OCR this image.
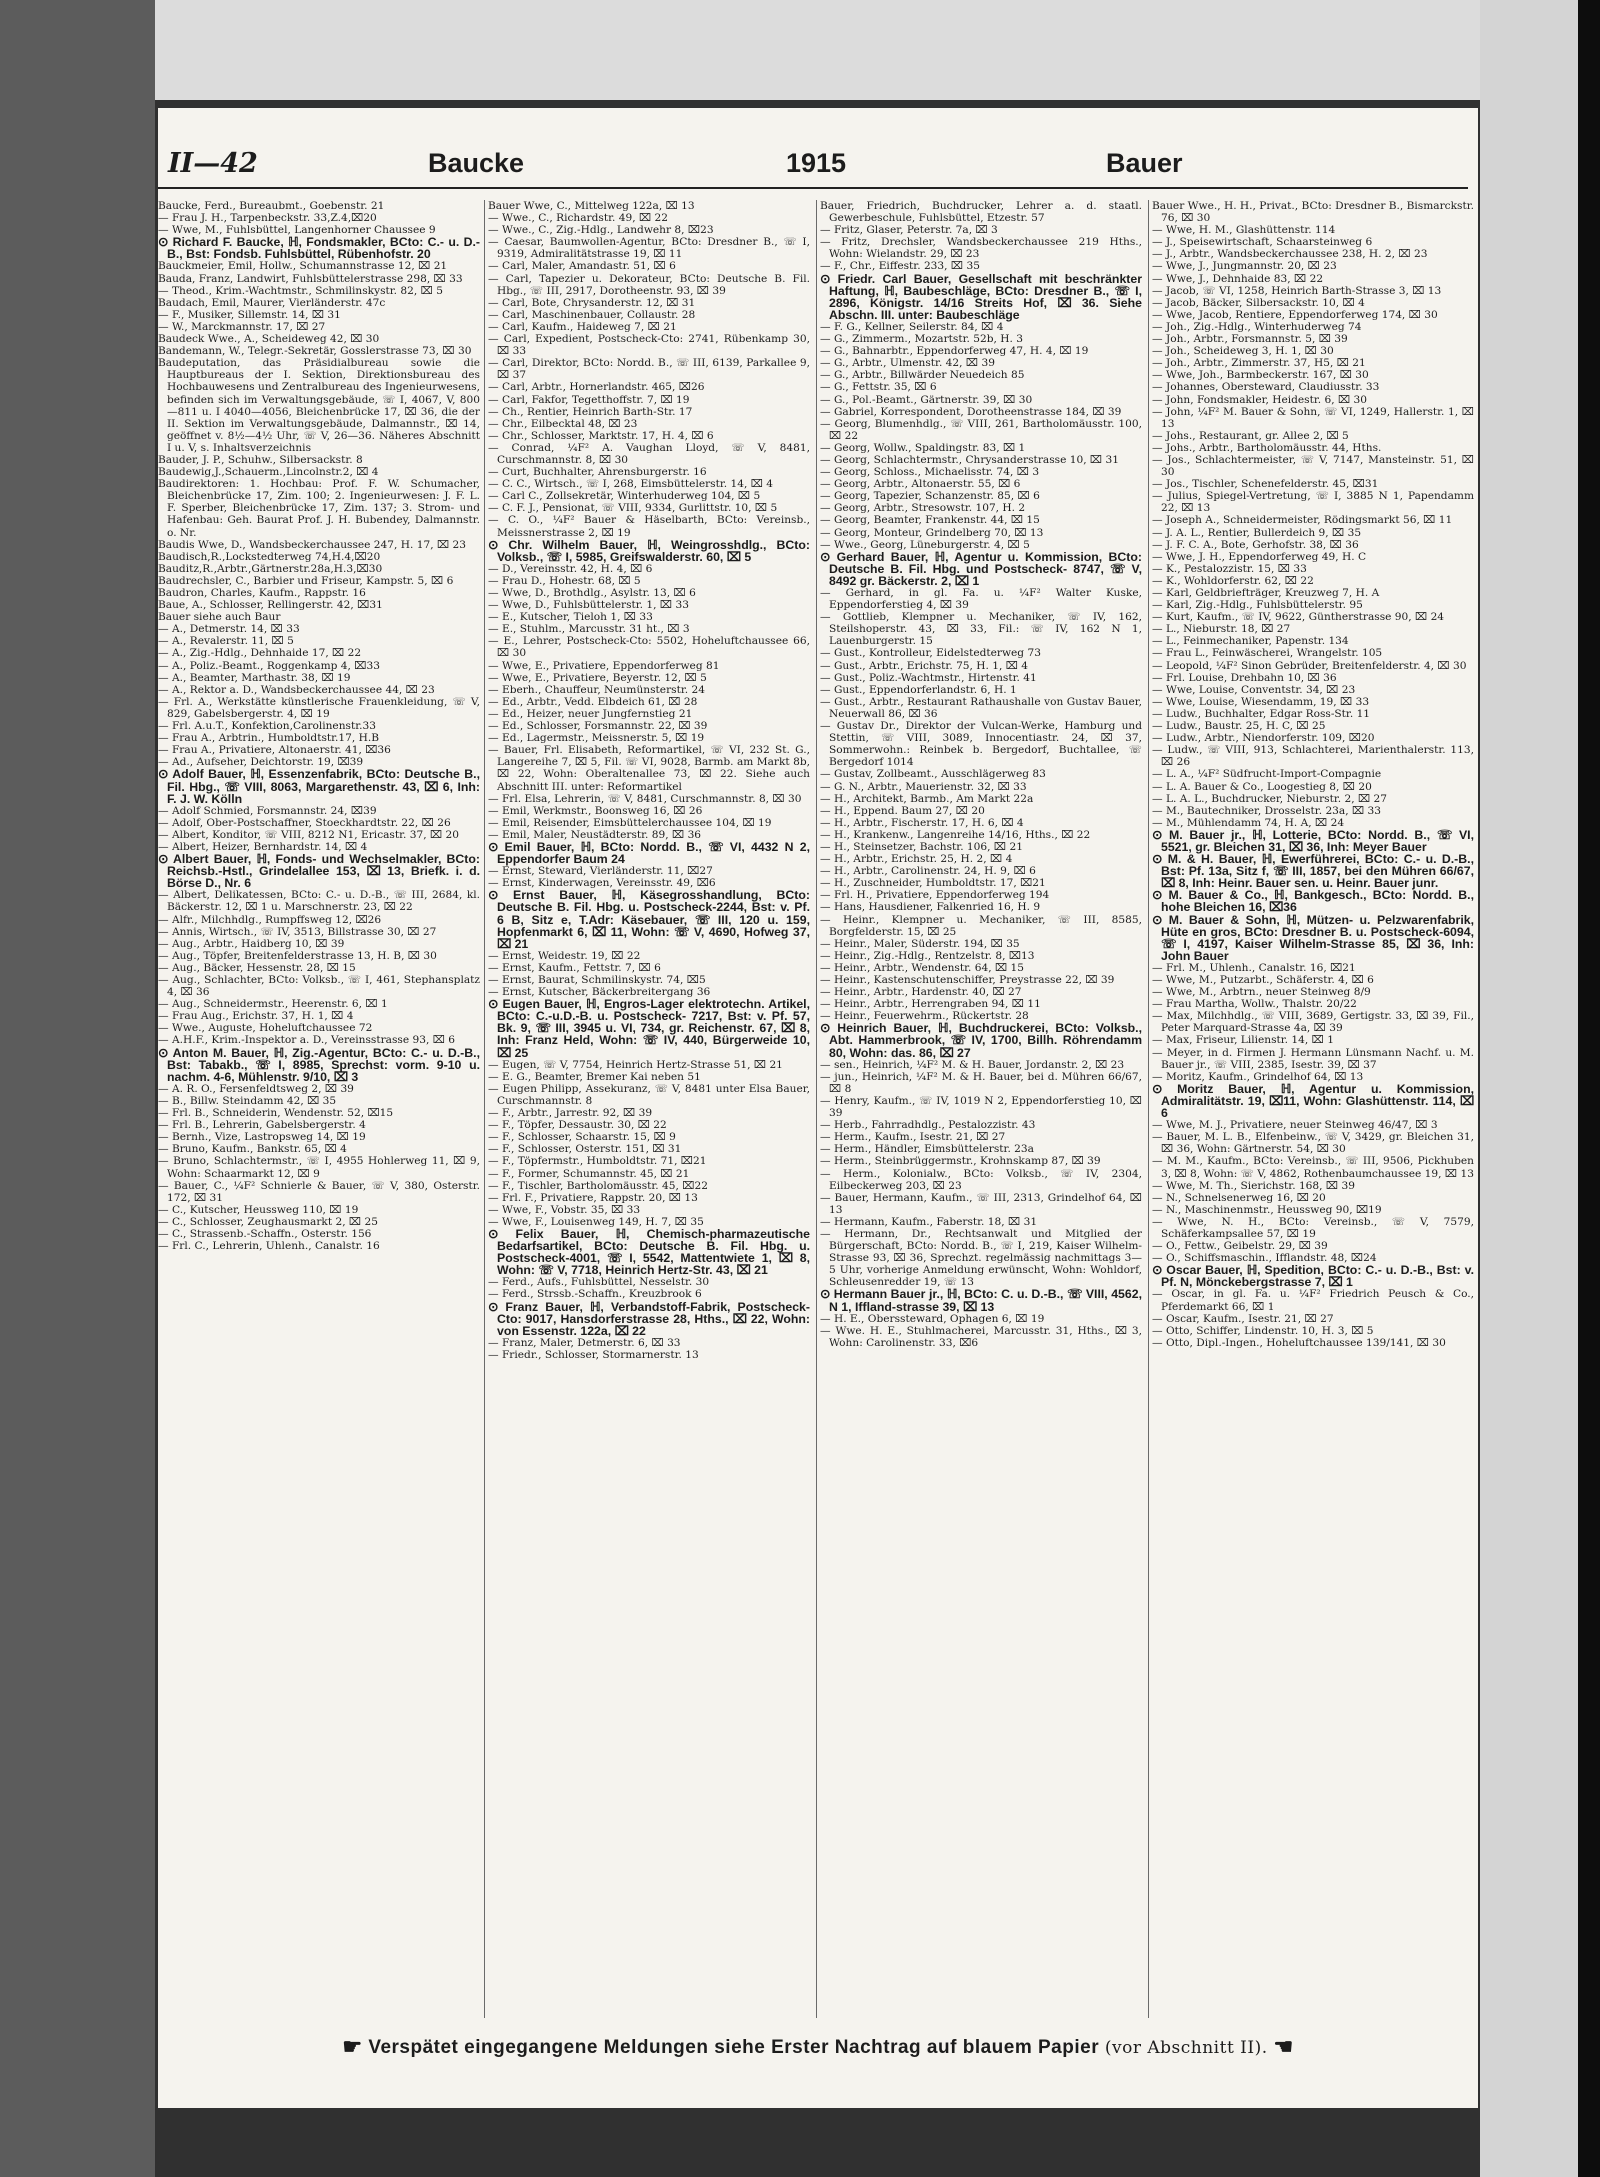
II—42	Baucke	1915	Bauer

Baucke, Ferd., Bureaubmt., Goebenstr. 21

— Frau J. H., Tarpenbeckstr. 33,Z.4,⌧20

— Wwe, M., Fuhlsbüttel, Langenhorner Chaussee 9

⊙ Richard F. Baucke, ℍ, Fondsmakler, BCto: C.- u. D.-B., Bst: Fondsb. Fuhlsbüttel, Rübenhofstr. 20

Bauckmeier, Emil, Hollw., Schumannstrasse 12, ⌧ 21

Bauda, Franz, Landwirt, Fuhlsbüttelerstrasse 298, ⌧ 33

— Theod., Krim.-Wachtmstr., Schmilinskystr. 82, ⌧ 5

Baudach, Emil, Maurer, Vierländerstr. 47c

— F., Musiker, Sillemstr. 14, ⌧ 31

— W., Marckmannstr. 17, ⌧ 27

Baudeck Wwe., A., Scheideweg 42, ⌧ 30

Bandemann, W., Telegr.-Sekretär, Gosslerstrasse 73, ⌧ 30

Baudeputation, das Präsidialbureau sowie die Hauptbureaus der I. Sektion, Direktionsbureau des Hochbauwesens und Zentralbureau des Ingenieurwesens, befinden sich im Verwaltungsgebäude, ☏ I, 4067, V, 800—811 u. I 4040—4056, Bleichenbrücke 17, ⌧ 36, die der II. Sektion im Verwaltungsgebäude, Dalmannstr., ⌧ 14, geöffnet v. 8½—4½ Uhr, ☏ V, 26—36. Näheres Abschnitt I u. V, s. Inhaltsverzeichnis

Bauder, J. P., Schuhw., Silbersackstr. 8

Baudewig,J.,Schauerm.,Lincolnstr.2, ⌧ 4

Baudirektoren: 1. Hochbau: Prof. F. W. Schumacher, Bleichenbrücke 17, Zim. 100; 2. Ingenieurwesen: J. F. L. F. Sperber, Bleichenbrücke 17, Zim. 137; 3. Strom- und Hafenbau: Geh. Baurat Prof. J. H. Bubendey, Dalmannstr. o. Nr.

Baudis Wwe, D., Wandsbeckerchaussee 247, H. 17, ⌧ 23

Baudisch,R.,Lockstedterweg 74,H.4,⌧20

Bauditz,R.,Arbtr.,Gärtnerstr.28a,H.3,⌧30

Baudrechsler, C., Barbier und Friseur, Kampstr. 5, ⌧ 6

Baudron, Charles, Kaufm., Rappstr. 16

Baue, A., Schlosser, Rellingerstr. 42, ⌧31

Bauer siehe auch Baur

— A., Detmerstr. 14, ⌧ 33

— A., Revalerstr. 11, ⌧ 5

— A., Zig.-Hdlg., Dehnhaide 17, ⌧ 22

— A., Poliz.-Beamt., Roggenkamp 4, ⌧33

— A., Beamter, Marthastr. 38, ⌧ 19

— A., Rektor a. D., Wandsbeckerchaussee 44, ⌧ 23

— Frl. A., Werkstätte künstlerische Frauenkleidung, ☏ V, 829, Gabelsbergerstr. 4, ⌧ 19

— Frl. A.u.T., Konfektion,Carolinenstr.33

— Frau A., Arbtrin., Humboldtstr.17, H.B

— Frau A., Privatiere, Altonaerstr. 41, ⌧36

— Ad., Aufseher, Deichtorstr. 19, ⌧39

⊙ Adolf Bauer, ℍ, Essenzenfabrik, BCto: Deutsche B., Fil. Hbg., ☏ VIII, 8063, Margarethenstr. 43, ⌧ 6, Inh: F. J. W. Kölln

— Adolf Schmied, Forsmannstr. 24, ⌧39

— Adolf, Ober-Postschaffner, Stoeckhardtstr. 22, ⌧ 26

— Albert, Konditor, ☏ VIII, 8212 N1, Ericastr. 37, ⌧ 20

— Albert, Heizer, Bernhardstr. 14, ⌧ 4

⊙ Albert Bauer, ℍ, Fonds- und Wechselmakler, BCto: Reichsb.-Hstl., Grindelallee 153, ⌧ 13, Briefk. i. d. Börse D., Nr. 6

— Albert, Delikatessen, BCto: C.- u. D.-B., ☏ III, 2684, kl. Bäckerstr. 12, ⌧ 1 u. Marschnerstr. 23, ⌧ 22

— Alfr., Milchhdlg., Rumpffsweg 12, ⌧26

— Annis, Wirtsch., ☏ IV, 3513, Billstrasse 30, ⌧ 27

— Aug., Arbtr., Haidberg 10, ⌧ 39

— Aug., Töpfer, Breitenfelderstrasse 13, H. B, ⌧ 30

— Aug., Bäcker, Hessenstr. 28, ⌧ 15

— Aug., Schlachter, BCto: Volksb., ☏ I, 461, Stephansplatz 4, ⌧ 36

— Aug., Schneidermstr., Heerenstr. 6, ⌧ 1

— Frau Aug., Erichstr. 37, H. 1, ⌧ 4

— Wwe., Auguste, Hoheluftchaussee 72

— A.H.F., Krim.-Inspektor a. D., Vereinsstrasse 93, ⌧ 6

⊙ Anton M. Bauer, ℍ, Zig.-Agentur, BCto: C.- u. D.-B., Bst: Tabakb., ☏ I, 8985, Sprechst: vorm. 9-10 u. nachm. 4-6, Mühlenstr. 9/10, ⌧ 3

— A. R. O., Fersenfeldtsweg 2, ⌧ 39

— B., Billw. Steindamm 42, ⌧ 35

— Frl. B., Schneiderin, Wendenstr. 52, ⌧15

— Frl. B., Lehrerin, Gabelsbergerstr. 4

— Bernh., Vize, Lastropsweg 14, ⌧ 19

— Bruno, Kaufm., Bankstr. 65, ⌧ 4

— Bruno, Schlachtermstr., ☏ I, 4955 Hohlerweg 11, ⌧ 9, Wohn: Schaarmarkt 12, ⌧ 9

— Bauer, C., ¼F² Schnierle & Bauer, ☏ V, 380, Osterstr. 172, ⌧ 31

— C., Kutscher, Heussweg 110, ⌧ 19

— C., Schlosser, Zeughausmarkt 2, ⌧ 25

— C., Strassenb.-Schaffn., Osterstr. 156

— Frl. C., Lehrerin, Uhlenh., Canalstr. 16

Bauer Wwe, C., Mittelweg 122a, ⌧ 13

— Wwe., C., Richardstr. 49, ⌧ 22

— Wwe., C., Zig.-Hdlg., Landwehr 8, ⌧23

— Caesar, Baumwollen-Agentur, BCto: Dresdner B., ☏ I, 9319, Admiralitätstrasse 19, ⌧ 11

— Carl, Maler, Amandastr. 51, ⌧ 6

— Carl, Tapezier u. Dekorateur, BCto: Deutsche B. Fil. Hbg., ☏ III, 2917, Dorotheenstr. 93, ⌧ 39

— Carl, Bote, Chrysanderstr. 12, ⌧ 31

— Carl, Maschinenbauer, Collaustr. 28

— Carl, Kaufm., Haideweg 7, ⌧ 21

— Carl, Expedient, Postscheck-Cto: 2741, Rübenkamp 30, ⌧ 33

— Carl, Direktor, BCto: Nordd. B., ☏ III, 6139, Parkallee 9, ⌧ 37

— Carl, Arbtr., Hornerlandstr. 465, ⌧26

— Carl, Fakfor, Tegetthoffstr. 7, ⌧ 19

— Ch., Rentier, Heinrich Barth-Str. 17

— Chr., Eilbecktal 48, ⌧ 23

— Chr., Schlosser, Marktstr. 17, H. 4, ⌧ 6

— Conrad, ¼F² A. Vaughan Lloyd, ☏ V, 8481, Curschmannstr. 8, ⌧ 30

— Curt, Buchhalter, Ahrensburgerstr. 16

— C. C., Wirtsch., ☏ I, 268, Eimsbüttelerstr. 14, ⌧ 4

— Carl C., Zollsekretär, Winterhuderweg 104, ⌧ 5

— C. F. J., Pensionat, ☏ VIII, 9334, Gurlittstr. 10, ⌧ 5

— C. O., ¼F² Bauer & Häselbarth, BCto: Vereinsb., Meissnerstrasse 2, ⌧ 19

⊙ Chr. Wilhelm Bauer, ℍ, Weingrosshdlg., BCto: Volksb., ☏ I, 5985, Greifswalderstr. 60, ⌧ 5

— D., Vereinsstr. 42, H. 4, ⌧ 6

— Frau D., Hohestr. 68, ⌧ 5

— Wwe, D., Brothdlg., Asylstr. 13, ⌧ 6

— Wwe, D., Fuhlsbüttelerstr. 1, ⌧ 33

— E., Kutscher, Tieloh 1, ⌧ 33

— E., Stuhlm., Marcusstr. 31 ht., ⌧ 3

— E., Lehrer, Postscheck-Cto: 5502, Hoheluftchaussee 66, ⌧ 30

— Wwe, E., Privatiere, Eppendorferweg 81

— Wwe, E., Privatiere, Beyerstr. 12, ⌧ 5

— Eberh., Chauffeur, Neumünsterstr. 24

— Ed., Arbtr., Vedd. Elbdeich 61, ⌧ 28

— Ed., Heizer, neuer Jungfernstieg 21

— Ed., Schlosser, Forsmannstr. 22, ⌧ 39

— Ed., Lagermstr., Meissnerstr. 5, ⌧ 19

— Bauer, Frl. Elisabeth, Reformartikel, ☏ VI, 232 St. G., Langereihe 7, ⌧ 5, Fil. ☏ VI, 9028, Barmb. am Markt 8b, ⌧ 22, Wohn: Oberaltenallee 73, ⌧ 22. Siehe auch Abschnitt III. unter: Reformartikel

— Frl. Elsa, Lehrerin, ☏ V, 8481, Curschmannstr. 8, ⌧ 30

— Emil, Werkmstr., Boonsweg 16, ⌧ 26

— Emil, Reisender, Eimsbüttelerchaussee 104, ⌧ 19

— Emil, Maler, Neustädterstr. 89, ⌧ 36

⊙ Emil Bauer, ℍ, BCto: Nordd. B., ☏ VI, 4432 N 2, Eppendorfer Baum 24

— Ernst, Steward, Vierländerstr. 11, ⌧27

— Ernst, Kinderwagen, Vereinsstr. 49, ⌧6

⊙ Ernst Bauer, ℍ, Käsegrosshandlung, BCto: Deutsche B. Fil. Hbg. u. Postscheck-2244, Bst: v. Pf. 6 B, Sitz e, T.Adr: Käsebauer, ☏ III, 120 u. 159, Hopfenmarkt 6, ⌧ 11, Wohn: ☏ V, 4690, Hofweg 37, ⌧ 21

— Ernst, Weidestr. 19, ⌧ 22

— Ernst, Kaufm., Fettstr. 7, ⌧ 6

— Ernst, Baurat, Schmilinskystr. 74, ⌧5

— Ernst, Kutscher, Bäckerbreitergang 36

⊙ Eugen Bauer, ℍ, Engros-Lager elektrotechn. Artikel, BCto: C.-u.D.-B. u. Postscheck- 7217, Bst: v. Pf. 57, Bk. 9, ☏ III, 3945 u. VI, 734, gr. Reichenstr. 67, ⌧ 8, Inh: Franz Held, Wohn: ☏ IV, 440, Bürgerweide 10, ⌧ 25

— Eugen, ☏ V, 7754, Heinrich Hertz-Strasse 51, ⌧ 21

— E. G., Beamter, Bremer Kai neben 51

— Eugen Philipp, Assekuranz, ☏ V, 8481 unter Elsa Bauer, Curschmannstr. 8

— F., Arbtr., Jarrestr. 92, ⌧ 39

— F., Töpfer, Dessaustr. 30, ⌧ 22

— F., Schlosser, Schaarstr. 15, ⌧ 9

— F., Schlosser, Osterstr. 151, ⌧ 31

— F., Töpfermstr., Humboldtstr. 71, ⌧21

— F., Former, Schumannstr. 45, ⌧ 21

— F., Tischler, Bartholomäusstr. 45, ⌧22

— Frl. F., Privatiere, Rappstr. 20, ⌧ 13

— Wwe, F., Vobstr. 35, ⌧ 33

— Wwe, F., Louisenweg 149, H. 7, ⌧ 35

⊙ Felix Bauer, ℍ, Chemisch-pharmazeutische Bedarfsartikel, BCto: Deutsche B. Fil. Hbg. u. Postscheck-4001, ☏ I, 5542, Mattentwiete 1, ⌧ 8, Wohn: ☏ V, 7718, Heinrich Hertz-Str. 43, ⌧ 21

— Ferd., Aufs., Fuhlsbüttel, Nesselstr. 30

— Ferd., Strssb.-Schaffn., Kreuzbrook 6

⊙ Franz Bauer, ℍ, Verbandstoff-Fabrik, Postscheck-Cto: 9017, Hansdorferstrasse 28, Hths., ⌧ 22, Wohn: von Essenstr. 122a, ⌧ 22

— Franz, Maler, Detmerstr. 6, ⌧ 33

— Friedr., Schlosser, Stormarnerstr. 13

Bauer, Friedrich, Buchdrucker, Lehrer a. d. staatl. Gewerbeschule, Fuhlsbüttel, Etzestr. 57

— Fritz, Glaser, Peterstr. 7a, ⌧ 3

— Fritz, Drechsler, Wandsbeckerchaussee 219 Hths., Wohn: Wielandstr. 29, ⌧ 23

— F., Chr., Eiffestr. 233, ⌧ 35

⊙ Friedr. Carl Bauer, Gesellschaft mit beschränkter Haftung, ℍ, Baubeschläge, BCto: Dresdner B., ☏ I, 2896, Königstr. 14/16 Streits Hof, ⌧ 36. Siehe Abschn. III. unter: Baubeschläge

— F. G., Kellner, Seilerstr. 84, ⌧ 4

— G., Zimmerm., Mozartstr. 52b, H. 3

— G., Bahnarbtr., Eppendorferweg 47, H. 4, ⌧ 19

— G., Arbtr., Ulmenstr. 42, ⌧ 39

— G., Arbtr., Billwärder Neuedeich 85

— G., Fettstr. 35, ⌧ 6

— G., Pol.-Beamt., Gärtnerstr. 39, ⌧ 30

— Gabriel, Korrespondent, Dorotheenstrasse 184, ⌧ 39

— Georg, Blumenhdlg., ☏ VIII, 261, Bartholomäusstr. 100, ⌧ 22

— Georg, Wollw., Spaldingstr. 83, ⌧ 1

— Georg, Schlachtermstr., Chrysanderstrasse 10, ⌧ 31

— Georg, Schloss., Michaelisstr. 74, ⌧ 3

— Georg, Arbtr., Altonaerstr. 55, ⌧ 6

— Georg, Tapezier, Schanzenstr. 85, ⌧ 6

— Georg, Arbtr., Stresowstr. 107, H. 2

— Georg, Beamter, Frankenstr. 44, ⌧ 15

— Georg, Monteur, Grindelberg 70, ⌧ 13

— Wwe., Georg, Lüneburgerstr. 4, ⌧ 5

⊙ Gerhard Bauer, ℍ, Agentur u. Kommission, BCto: Deutsche B. Fil. Hbg. und Postscheck- 8747, ☏ V, 8492 gr. Bäckerstr. 2, ⌧ 1

— Gerhard, in gl. Fa. u. ¼F² Walter Kuske, Eppendorferstieg 4, ⌧ 39

— Gottlieb, Klempner u. Mechaniker, ☏ IV, 162, Steilshoperstr. 43, ⌧ 33, Fil.: ☏ IV, 162 N 1, Lauenburgerstr. 15

— Gust., Kontrolleur, Eidelstedterweg 73

— Gust., Arbtr., Erichstr. 75, H. 1, ⌧ 4

— Gust., Poliz.-Wachtmstr., Hirtenstr. 41

— Gust., Eppendorferlandstr. 6, H. 1

— Gust., Arbtr., Restaurant Rathaushalle von Gustav Bauer, Neuerwall 86, ⌧ 36

— Gustav Dr., Direktor der Vulcan-Werke, Hamburg und Stettin, ☏ VIII, 3089, Innocentiastr. 24, ⌧ 37, Sommerwohn.: Reinbek b. Bergedorf, Buchtallee, ☏ Bergedorf 1014

— Gustav, Zollbeamt., Ausschlägerweg 83

— G. N., Arbtr., Mauerienstr. 32, ⌧ 33

— H., Architekt, Barmb., Am Markt 22a

— H., Eppend. Baum 27, ⌧ 20

— H., Arbtr., Fischerstr. 17, H. 6, ⌧ 4

— H., Krankenw., Langenreihe 14/16, Hths., ⌧ 22

— H., Steinsetzer, Bachstr. 106, ⌧ 21

— H., Arbtr., Erichstr. 25, H. 2, ⌧ 4

— H., Arbtr., Carolinenstr. 24, H. 9, ⌧ 6

— H., Zuschneider, Humboldtstr. 17, ⌧21

— Frl. H., Privatiere, Eppendorferweg 194

— Hans, Hausdiener, Falkenried 16, H. 9

— Heinr., Klempner u. Mechaniker, ☏ III, 8585, Borgfelderstr. 15, ⌧ 25

— Heinr., Maler, Süderstr. 194, ⌧ 35

— Heinr., Zig.-Hdlg., Rentzelstr. 8, ⌧13

— Heinr., Arbtr., Wendenstr. 64, ⌧ 15

— Heinr., Kastenschutenschiffer, Preystrasse 22, ⌧ 39

— Heinr., Arbtr., Hardenstr. 40, ⌧ 27

— Heinr., Arbtr., Herrengraben 94, ⌧ 11

— Heinr., Feuerwehrm., Rückertstr. 28

⊙ Heinrich Bauer, ℍ, Buchdruckerei, BCto: Volksb., Abt. Hammerbrook, ☏ IV, 1700, Billh. Röhrendamm 80, Wohn: das. 86, ⌧ 27

— sen., Heinrich, ¼F² M. & H. Bauer, Jordanstr. 2, ⌧ 23

— jun., Heinrich, ¼F² M. & H. Bauer, bei d. Mühren 66/67, ⌧ 8

— Henry, Kaufm., ☏ IV, 1019 N 2, Eppendorferstieg 10, ⌧ 39

— Herb., Fahrradhdlg., Pestalozzistr. 43

— Herm., Kaufm., Isestr. 21, ⌧ 27

— Herm., Händler, Eimsbüttelerstr. 23a

— Herm., Steinbrüggermstr., Krohnskamp 87, ⌧ 39

— Herm., Kolonialw., BCto: Volksb., ☏ IV, 2304, Eilbeckerweg 203, ⌧ 23

— Bauer, Hermann, Kaufm., ☏ III, 2313, Grindelhof 64, ⌧ 13

— Hermann, Kaufm., Faberstr. 18, ⌧ 31

— Hermann, Dr., Rechtsanwalt und Mitglied der Bürgerschaft, BCto: Nordd. B., ☏ I, 219, Kaiser Wilhelm-Strasse 93, ⌧ 36, Sprechzt. regelmässig nachmittags 3—5 Uhr, vorherige Anmeldung erwünscht, Wohn: Wohldorf, Schleusenredder 19, ☏ 13

⊙ Hermann Bauer jr., ℍ, BCto: C. u. D.-B., ☏ VIII, 4562, N 1, Iffland-strasse 39, ⌧ 13

— H. E., Oberssteward, Ophagen 6, ⌧ 19

— Wwe. H. E., Stuhlmacherei, Marcusstr. 31, Hths., ⌧ 3, Wohn: Carolinenstr. 33, ⌧6

Bauer Wwe., H. H., Privat., BCto: Dresdner B., Bismarckstr. 76, ⌧ 30

— Wwe, H. M., Glashüttenstr. 114

— J., Speisewirtschaft, Schaarsteinweg 6

— J., Arbtr., Wandsbeckerchaussee 238, H. 2, ⌧ 23

— Wwe, J., Jungmannstr. 20, ⌧ 23

— Wwe, J., Dehnhaide 83, ⌧ 22

— Jacob, ☏ VI, 1258, Heinrich Barth-Strasse 3, ⌧ 13

— Jacob, Bäcker, Silbersackstr. 10, ⌧ 4

— Wwe, Jacob, Rentiere, Eppendorferweg 174, ⌧ 30

— Joh., Zig.-Hdlg., Winterhuderweg 74

— Joh., Arbtr., Forsmannstr. 5, ⌧ 39

— Joh., Scheideweg 3, H. 1, ⌧ 30

— Joh., Arbtr., Zimmerstr. 37, H5, ⌧ 21

— Wwe, Joh., Barmbeckerstr. 167, ⌧ 30

— Johannes, Obersteward, Claudiusstr. 33

— John, Fondsmakler, Heidestr. 6, ⌧ 30

— John, ¼F² M. Bauer & Sohn, ☏ VI, 1249, Hallerstr. 1, ⌧ 13

— Johs., Restaurant, gr. Allee 2, ⌧ 5

— Johs., Arbtr., Bartholomäusstr. 44, Hths.

— Jos., Schlachtermeister, ☏ V, 7147, Mansteinstr. 51, ⌧ 30

— Jos., Tischler, Schenefelderstr. 45, ⌧31

— Julius, Spiegel-Vertretung, ☏ I, 3885 N 1, Papendamm 22, ⌧ 13

— Joseph A., Schneidermeister, Rödingsmarkt 56, ⌧ 11

— J. A. L., Rentier, Bullerdeich 9, ⌧ 35

— J. F. C. A., Bote, Gerhofstr. 38, ⌧ 36

— Wwe, J. H., Eppendorferweg 49, H. C

— K., Pestalozzistr. 15, ⌧ 33

— K., Wohldorferstr. 62, ⌧ 22

— Karl, Geldbriefträger, Kreuzweg 7, H. A

— Karl, Zig.-Hdlg., Fuhlsbüttelerstr. 95

— Kurt, Kaufm., ☏ IV, 9622, Güntherstrasse 90, ⌧ 24

— L., Nieburstr. 18, ⌧ 27

— L., Feinmechaniker, Papenstr. 134

— Frau L., Feinwäscherei, Wrangelstr. 105

— Leopold, ¼F² Sinon Gebrüder, Breitenfelderstr. 4, ⌧ 30

— Frl. Louise, Drehbahn 10, ⌧ 36

— Wwe, Louise, Conventstr. 34, ⌧ 23

— Wwe, Louise, Wiesendamm, 19, ⌧ 33

— Ludw., Buchhalter, Edgar Ross-Str. 11

— Ludw., Baustr. 25, H. C, ⌧ 25

— Ludw., Arbtr., Niendorferstr. 109, ⌧20

— Ludw., ☏ VIII, 913, Schlachterei, Marienthalerstr. 113, ⌧ 26

— L. A., ¼F² Südfrucht-Import-Compagnie

— L. A. Bauer & Co., Loogestieg 8, ⌧ 20

— L. A. L., Buchdrucker, Nieburstr. 2, ⌧ 27

— M., Bautechniker, Drosselstr. 23a, ⌧ 33

— M., Mühlendamm 74, H. A, ⌧ 24

⊙ M. Bauer jr., ℍ, Lotterie, BCto: Nordd. B., ☏ VI, 5521, gr. Bleichen 31, ⌧ 36, Inh: Meyer Bauer

⊙ M. & H. Bauer, ℍ, Ewerführerei, BCto: C.- u. D.-B., Bst: Pf. 13a, Sitz f, ☏ III, 1857, bei den Mühren 66/67, ⌧ 8, Inh: Heinr. Bauer sen. u. Heinr. Bauer junr.

⊙ M. Bauer & Co., ℍ, Bankgesch., BCto: Nordd. B., hohe Bleichen 16, ⌧36

⊙ M. Bauer & Sohn, ℍ, Mützen- u. Pelzwarenfabrik, Hüte en gros, BCto: Dresdner B. u. Postscheck-6094, ☏ I, 4197, Kaiser Wilhelm-Strasse 85, ⌧ 36, Inh: John Bauer

— Frl. M., Uhlenh., Canalstr. 16, ⌧21

— Wwe, M., Putzarbt., Schäferstr. 4, ⌧ 6

— Wwe, M., Arbtrn., neuer Steinweg 8/9

— Frau Martha, Wollw., Thalstr. 20/22

— Max, Milchhdlg., ☏ VIII, 3689, Gertigstr. 33, ⌧ 39, Fil., Peter Marquard-Strasse 4a, ⌧ 39

— Max, Friseur, Lilienstr. 14, ⌧ 1

— Meyer, in d. Firmen J. Hermann Lünsmann Nachf. u. M. Bauer jr., ☏ VIII, 2385, Isestr. 39, ⌧ 37

— Moritz, Kaufm., Grindelhof 64, ⌧ 13

⊙ Moritz Bauer, ℍ, Agentur u. Kommission, Admiralitätstr. 19, ⌧11, Wohn: Glashüttenstr. 114, ⌧ 6

— Wwe, M. J., Privatiere, neuer Steinweg 46/47, ⌧ 3

— Bauer, M. L. B., Elfenbeinw., ☏ V, 3429, gr. Bleichen 31, ⌧ 36, Wohn: Gärtnerstr. 54, ⌧ 30

— M. M., Kaufm., BCto: Vereinsb., ☏ III, 9506, Pickhuben 3, ⌧ 8, Wohn: ☏ V, 4862, Rothenbaumchaussee 19, ⌧ 13

— Wwe, M. Th., Sierichstr. 168, ⌧ 39

— N., Schnelsenerweg 16, ⌧ 20

— N., Maschinenmstr., Heussweg 90, ⌧19

— Wwe, N. H., BCto: Vereinsb., ☏ V, 7579, Schäferkampsallee 57, ⌧ 19

— O., Fettw., Geibelstr. 29, ⌧ 39

— O., Schiffsmaschin., Ifflandstr. 48, ⌧24

⊙ Oscar Bauer, ℍ, Spedition, BCto: C.- u. D.-B., Bst: v. Pf. N, Mönckebergstrasse 7, ⌧ 1

— Oscar, in gl. Fa. u. ¼F² Friedrich Peusch & Co., Pferdemarkt 66, ⌧ 1

— Oscar, Kaufm., Isestr. 21, ⌧ 27

— Otto, Schiffer, Lindenstr. 10, H. 3, ⌧ 5

— Otto, Dipl.-Ingen., Hoheluftchaussee 139/141, ⌧ 30

☛ Verspätet eingegangene Meldungen siehe Erster Nachtrag auf blauem Papier (vor Abschnitt II). ☚
